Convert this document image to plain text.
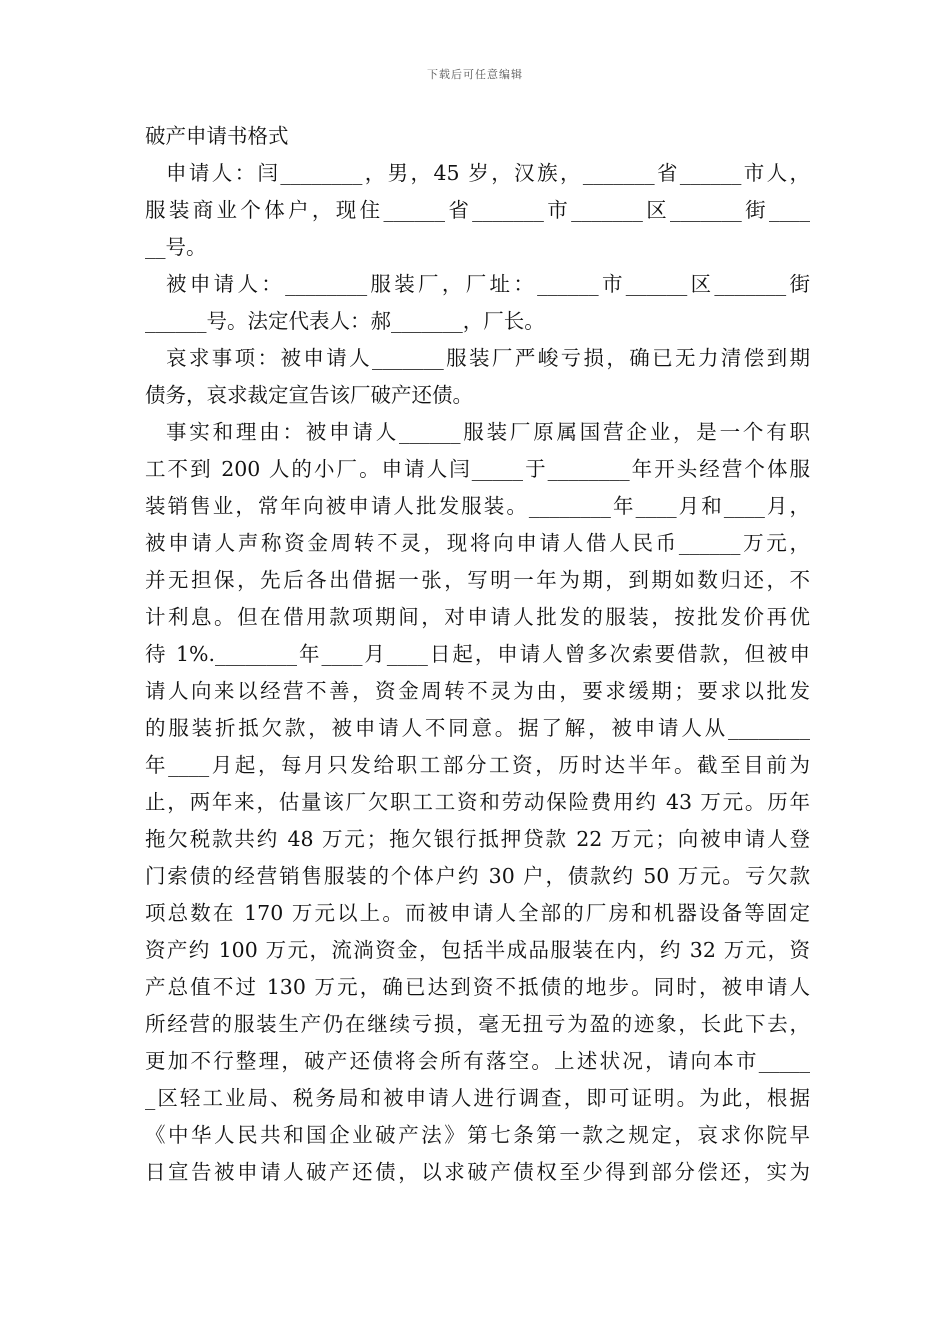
下载后可任意编辑
破产申请书格式
申请人：闫________，男，45 岁，汉族，_______省______市人，
服装商业个体户，现住______省_______市_______区_______街____
__号。
被申请人：________服装厂，厂址：______市______区_______街
______号。法定代表人：郝_______，厂长。
哀求事项：被申请人_______服装厂严峻亏损，确已无力清偿到期
债务，哀求裁定宣告该厂破产还债。
事实和理由：被申请人______服装厂原属国营企业，是一个有职
工不到 200 人的小厂。申请人闫_____于________年开头经营个体服
装销售业，常年向被申请人批发服装。________年____月和____月，
被申请人声称资金周转不灵，现将向申请人借人民币______万元，
并无担保，先后各出借据一张，写明一年为期，到期如数归还，不
计利息。但在借用款项期间，对申请人批发的服装，按批发价再优
待 1%.________年____月____日起，申请人曾多次索要借款，但被申
请人向来以经营不善，资金周转不灵为由，要求缓期；要求以批发
的服装折抵欠款，被申请人不同意。据了解，被申请人从________
年____月起，每月只发给职工部分工资，历时达半年。截至目前为
止，两年来，估量该厂欠职工工资和劳动保险费用约 43 万元。历年
拖欠税款共约 48 万元；拖欠银行抵押贷款 22 万元；向被申请人登
门索债的经营销售服装的个体户约 30 户，债款约 50 万元。亏欠款
项总数在 170 万元以上。而被申请人全部的厂房和机器设备等固定
资产约 100 万元，流淌资金，包括半成品服装在内，约 32 万元，资
产总值不过 130 万元，确已达到资不抵债的地步。同时，被申请人
所经营的服装生产仍在继续亏损，毫无扭亏为盈的迹象，长此下去，
更加不行整理，破产还债将会所有落空。上述状况，请向本市_____
_区轻工业局、税务局和被申请人进行调查，即可证明。为此，根据
《中华人民共和国企业破产法》第七条第一款之规定，哀求你院早
日宣告被申请人破产还债，以求破产债权至少得到部分偿还，实为
